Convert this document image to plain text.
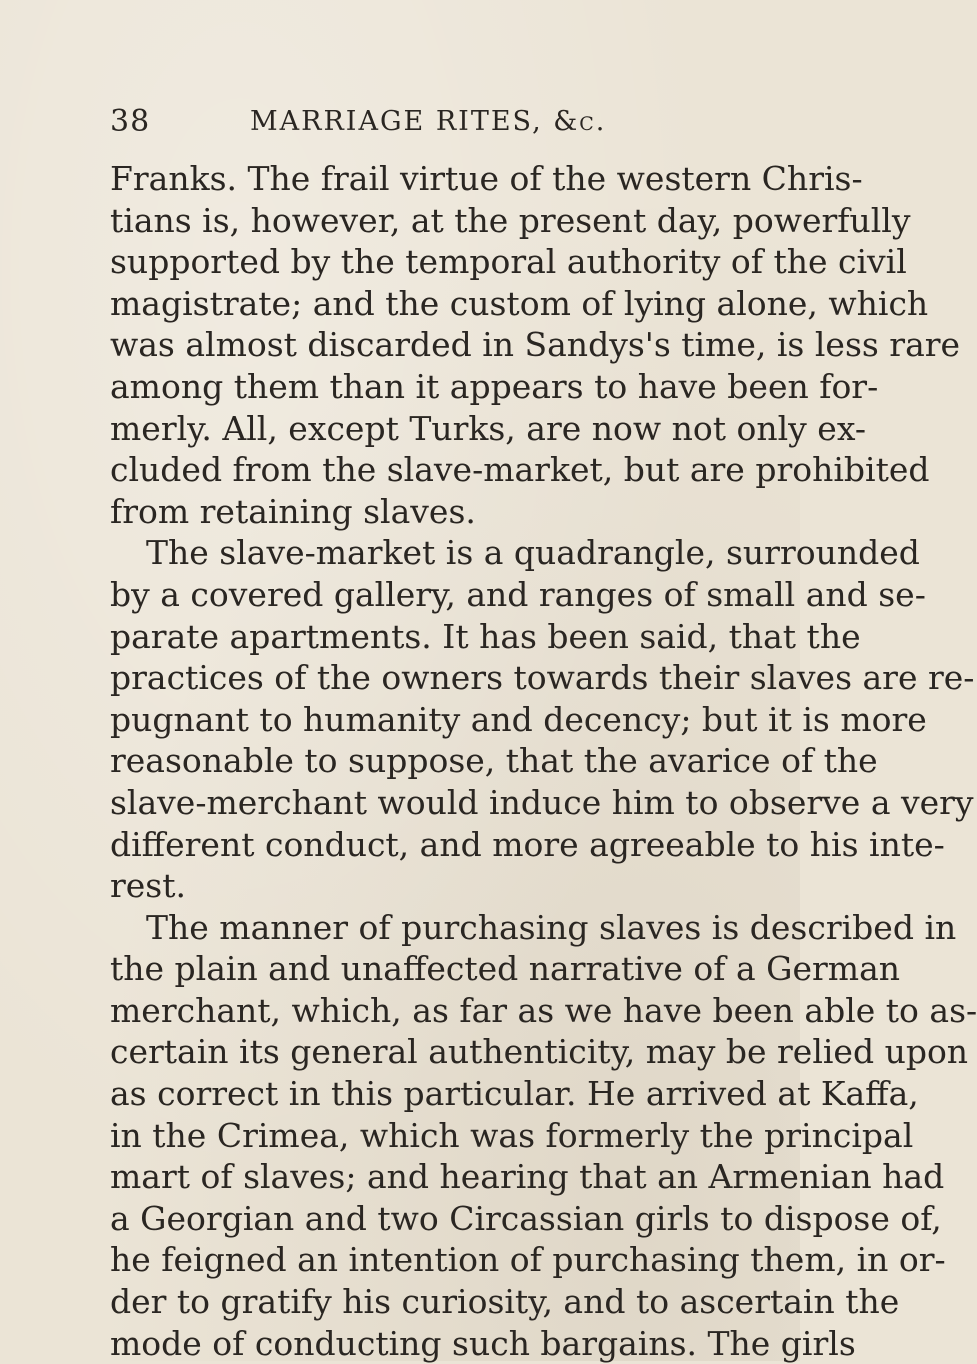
38	MARRIAGE RITES, &c.
Franks. The frail virtue of the western Chris-
tians is, however, at the present day, powerfully
supported by the temporal authority of the civil
magistrate; and the custom of lying alone, which
was almost discarded in Sandys's time, is less rare
among them than it appears to have been for-
merly. All, except Turks, are now not only ex-
cluded from the slave-market, but are prohibited
from retaining slaves.
The slave-market is a quadrangle, surrounded
by a covered gallery, and ranges of small and se-
parate apartments. It has been said, that the
practices of the owners towards their slaves are re-
pugnant to humanity and decency; but it is more
reasonable to suppose, that the avarice of the
slave-merchant would induce him to observe a very
different conduct, and more agreeable to his inte-
rest.
The manner of purchasing slaves is described in
the plain and unaffected narrative of a German
merchant, which, as far as we have been able to as-
certain its general authenticity, may be relied upon
as correct in this particular. He arrived at Kaffa,
in the Crimea, which was formerly the principal
mart of slaves; and hearing that an Armenian had
a Georgian and two Circassian girls to dispose of,
he feigned an intention of purchasing them, in or-
der to gratify his curiosity, and to ascertain the
mode of conducting such bargains. The girls
